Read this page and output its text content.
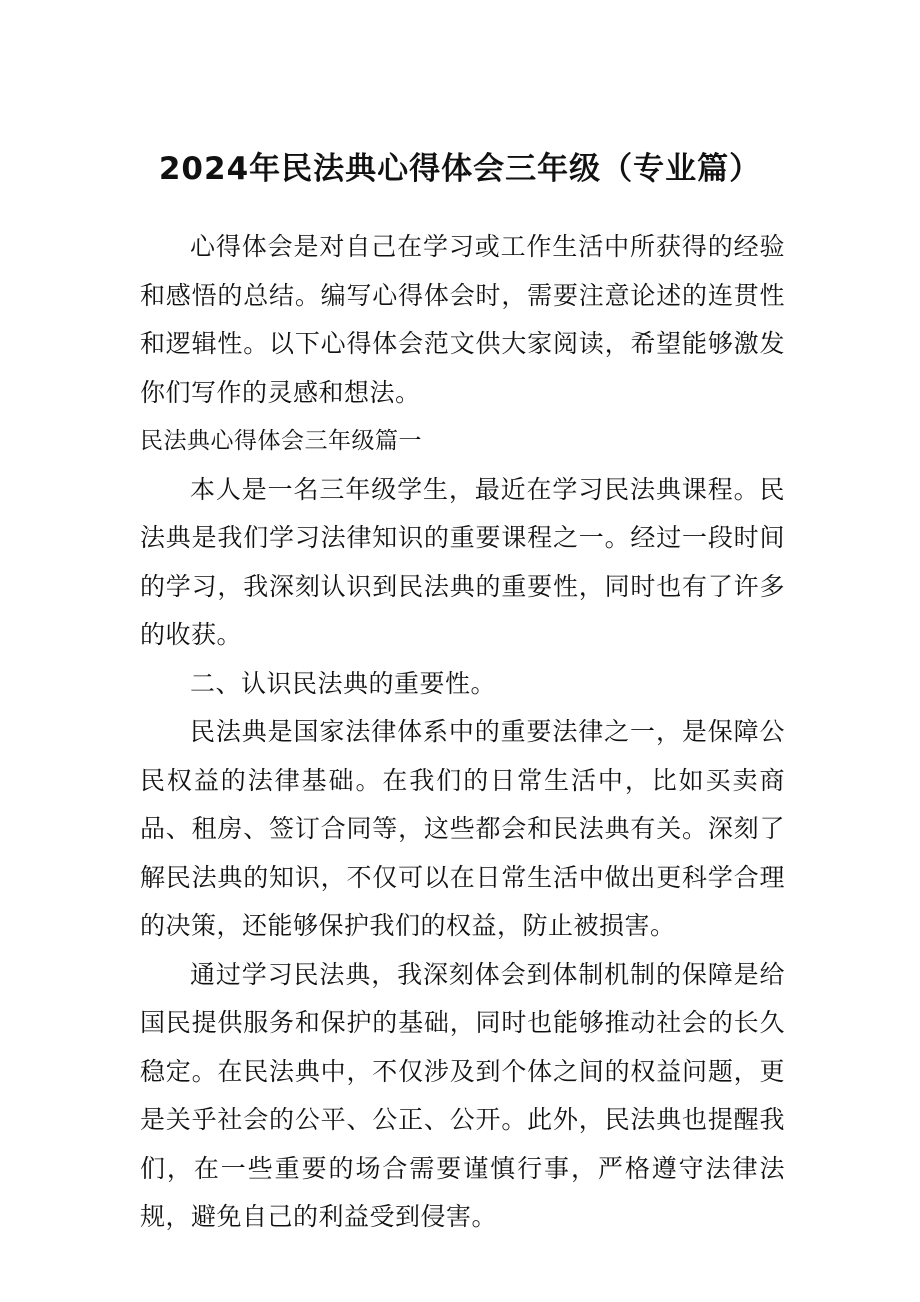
2024年民法典心得体会三年级（专业篇）

心得体会是对自己在学习或工作生活中所获得的经验和感悟的总结。编写心得体会时，需要注意论述的连贯性和逻辑性。以下心得体会范文供大家阅读，希望能够激发你们写作的灵感和想法。

民法典心得体会三年级篇一

本人是一名三年级学生，最近在学习民法典课程。民法典是我们学习法律知识的重要课程之一。经过一段时间的学习，我深刻认识到民法典的重要性，同时也有了许多的收获。

二、认识民法典的重要性。

民法典是国家法律体系中的重要法律之一，是保障公民权益的法律基础。在我们的日常生活中，比如买卖商品、租房、签订合同等，这些都会和民法典有关。深刻了解民法典的知识，不仅可以在日常生活中做出更科学合理的决策，还能够保护我们的权益，防止被损害。

通过学习民法典，我深刻体会到体制机制的保障是给国民提供服务和保护的基础，同时也能够推动社会的长久稳定。在民法典中，不仅涉及到个体之间的权益问题，更是关乎社会的公平、公正、公开。此外，民法典也提醒我们，在一些重要的场合需要谨慎行事，严格遵守法律法规，避免自己的利益受到侵害。
